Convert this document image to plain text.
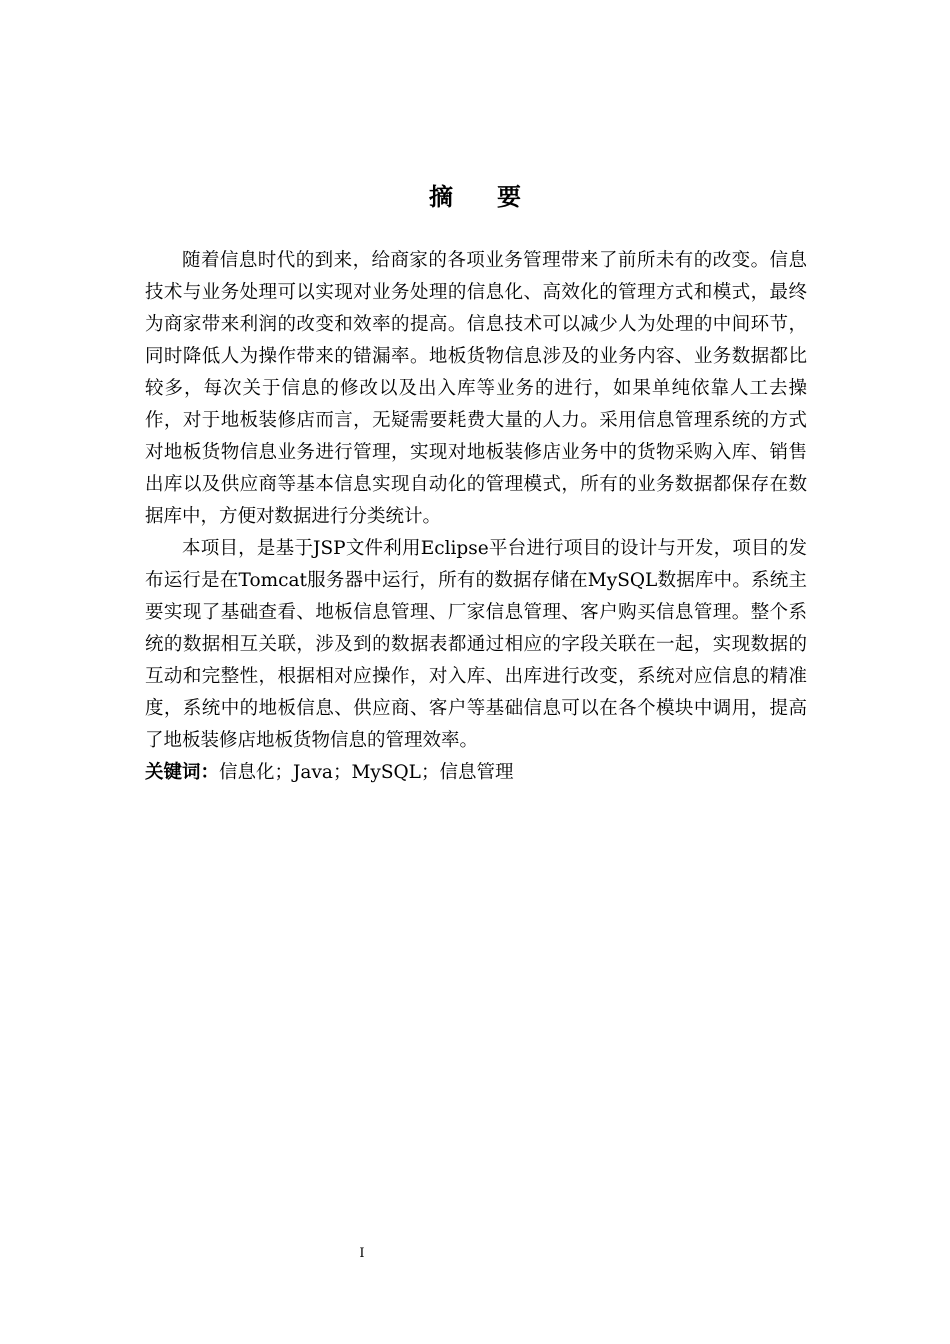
摘要

随着信息时代的到来，给商家的各项业务管理带来了前所未有的改变。信息技术与业务处理可以实现对业务处理的信息化、高效化的管理方式和模式，最终为商家带来利润的改变和效率的提高。信息技术可以减少人为处理的中间环节，同时降低人为操作带来的错漏率。地板货物信息涉及的业务内容、业务数据都比较多，每次关于信息的修改以及出入库等业务的进行，如果单纯依靠人工去操作，对于地板装修店而言，无疑需要耗费大量的人力。采用信息管理系统的方式对地板货物信息业务进行管理，实现对地板装修店业务中的货物采购入库、销售出库以及供应商等基本信息实现自动化的管理模式，所有的业务数据都保存在数据库中，方便对数据进行分类统计。

本项目，是基于JSP文件利用Eclipse平台进行项目的设计与开发，项目的发布运行是在Tomcat服务器中运行，所有的数据存储在MySQL数据库中。系统主要实现了基础查看、地板信息管理、厂家信息管理、客户购买信息管理。整个系统的数据相互关联，涉及到的数据表都通过相应的字段关联在一起，实现数据的互动和完整性，根据相对应操作，对入库、出库进行改变，系统对应信息的精准度，系统中的地板信息、供应商、客户等基础信息可以在各个模块中调用，提高了地板装修店地板货物信息的管理效率。

关键词：信息化；Java；MySQL；信息管理

I
